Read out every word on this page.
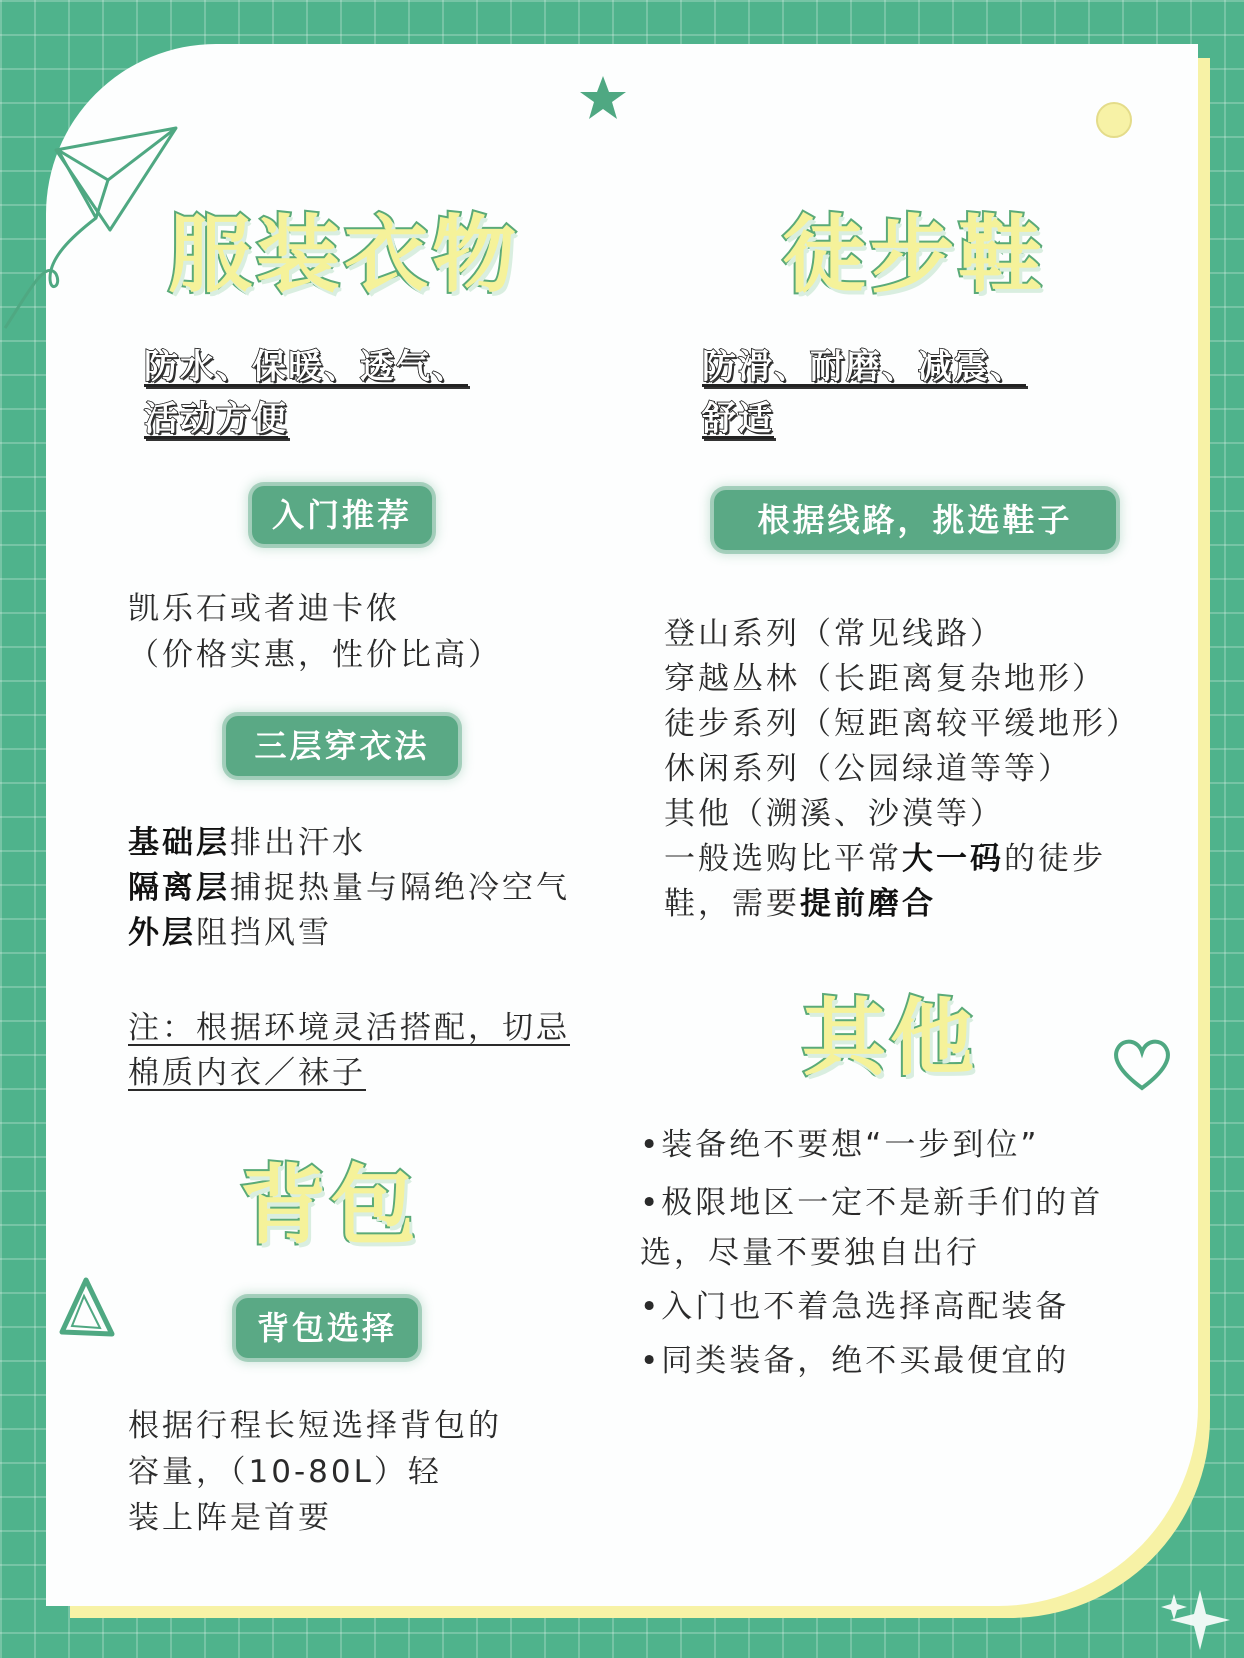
服装衣物
防水、保暖、透气、
活动方便
入门推荐
凯乐石或者迪卡侬
（价格实惠，性价比高）
三层穿衣法
基础层排出汗水
隔离层捕捉热量与隔绝冷空气
外层阻挡风雪
注：根据环境灵活搭配，切忌
棉质内衣／袜子
背包
背包选择
根据行程长短选择背包的
容量，（10-80L）轻
装上阵是首要
徒步鞋
防滑、耐磨、减震、
舒适
根据线路，挑选鞋子
登山系列（常见线路）
穿越丛林（长距离复杂地形）
徒步系列（短距离较平缓地形）
休闲系列（公园绿道等等）
其他（溯溪、沙漠等）
一般选购比平常大一码的徒步
鞋，需要提前磨合
其他
•装备绝不要想“一步到位”
•极限地区一定不是新手们的首
选，尽量不要独自出行
•入门也不着急选择高配装备
•同类装备，绝不买最便宜的
